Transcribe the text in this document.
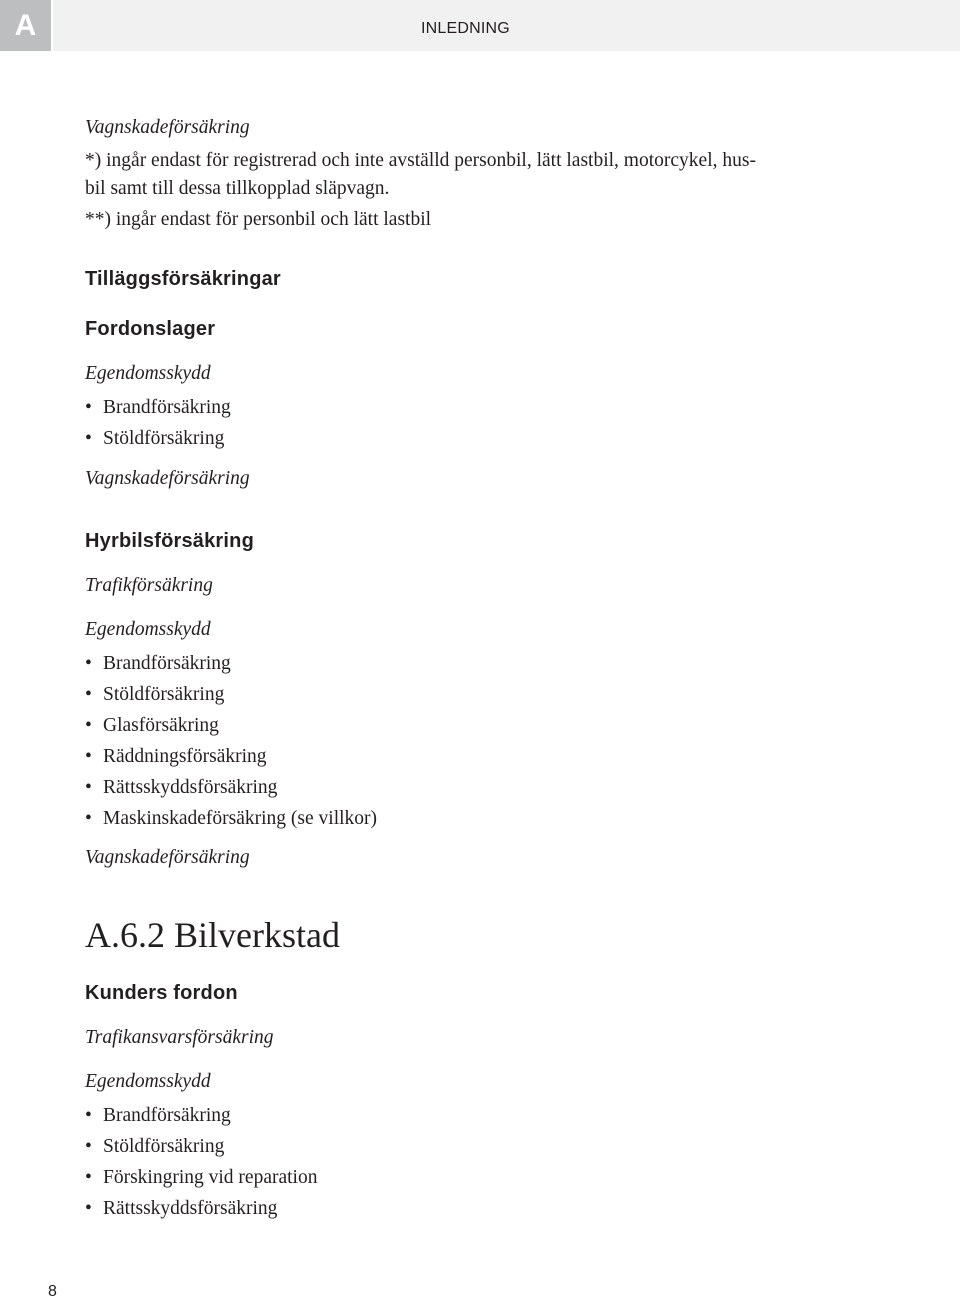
A	INLEDNING

Vagnskadeförsäkring

*) ingår endast för registrerad och inte avställd personbil, lätt lastbil, motorcykel, hus-

bil samt till dessa tillkopplad släpvagn.

**) ingår endast för personbil och lätt lastbil

Tilläggsförsäkringar

Fordonslager

Egendomsskydd

• Brandförsäkring

• Stöldförsäkring

Vagnskadeförsäkring

Hyrbilsförsäkring

Trafikförsäkring

Egendomsskydd

• Brandförsäkring

• Stöldförsäkring

• Glasförsäkring

• Räddningsförsäkring

• Rättsskyddsförsäkring

• Maskinskadeförsäkring (se villkor)

Vagnskadeförsäkring

A.6.2 Bilverkstad

Kunders fordon

Trafikansvarsförsäkring

Egendomsskydd

• Brandförsäkring

• Stöldförsäkring

• Förskingring vid reparation

• Rättsskyddsförsäkring

8
